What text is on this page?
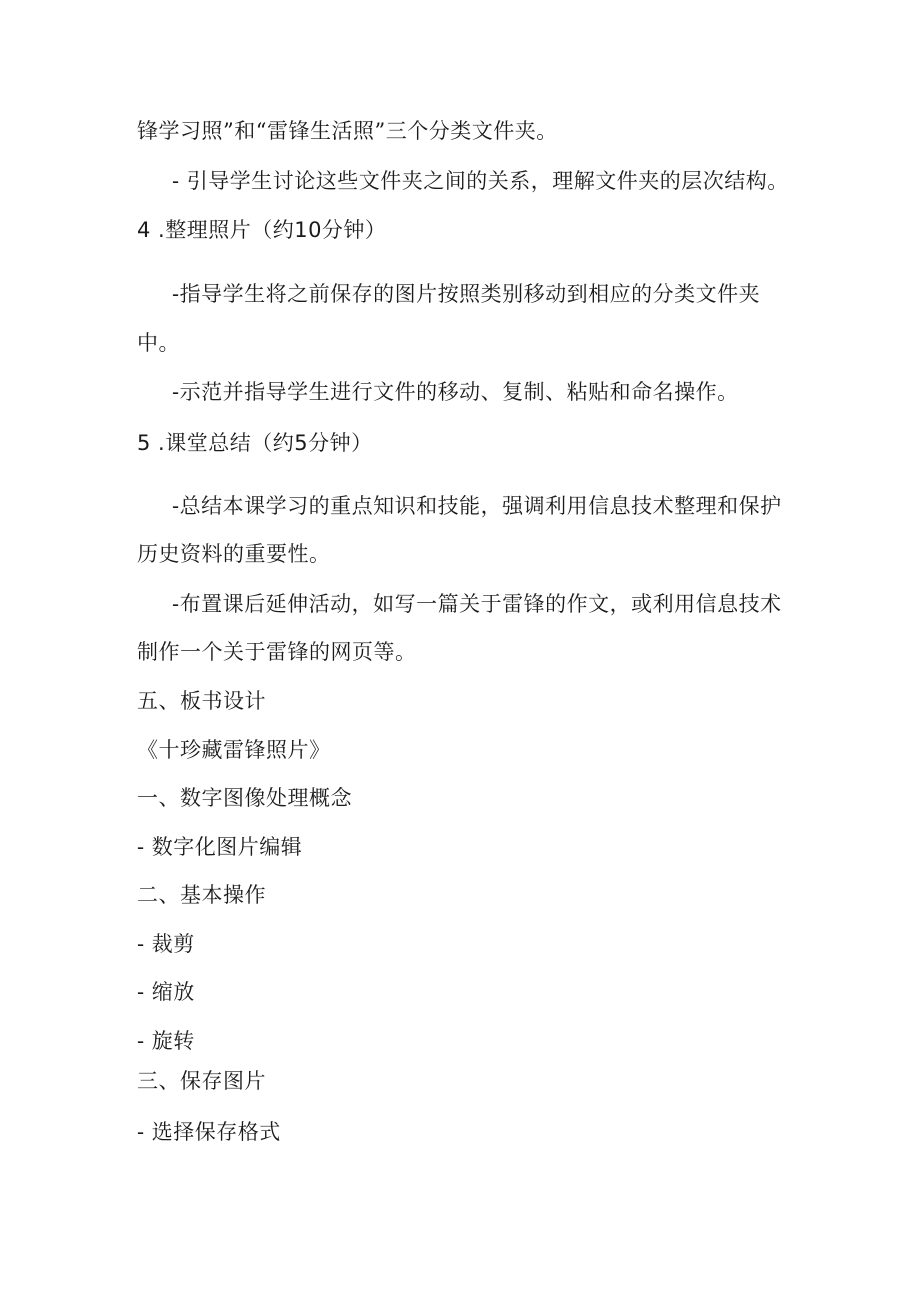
锋学习照”和“雷锋生活照”三个分类文件夹。
- 引导学生讨论这些文件夹之间的关系，理解文件夹的层次结构。
4 .整理照片（约10分钟）
-指导学生将之前保存的图片按照类别移动到相应的分类文件夹
中。
-示范并指导学生进行文件的移动、复制、粘贴和命名操作。
5 .课堂总结（约5分钟）
-总结本课学习的重点知识和技能，强调利用信息技术整理和保护
历史资料的重要性。
-布置课后延伸活动，如写一篇关于雷锋的作文，或利用信息技术
制作一个关于雷锋的网页等。
五、板书设计
《十珍藏雷锋照片》
一、数字图像处理概念
- 数字化图片编辑
二、基本操作
- 裁剪
- 缩放
- 旋转
三、保存图片
- 选择保存格式
